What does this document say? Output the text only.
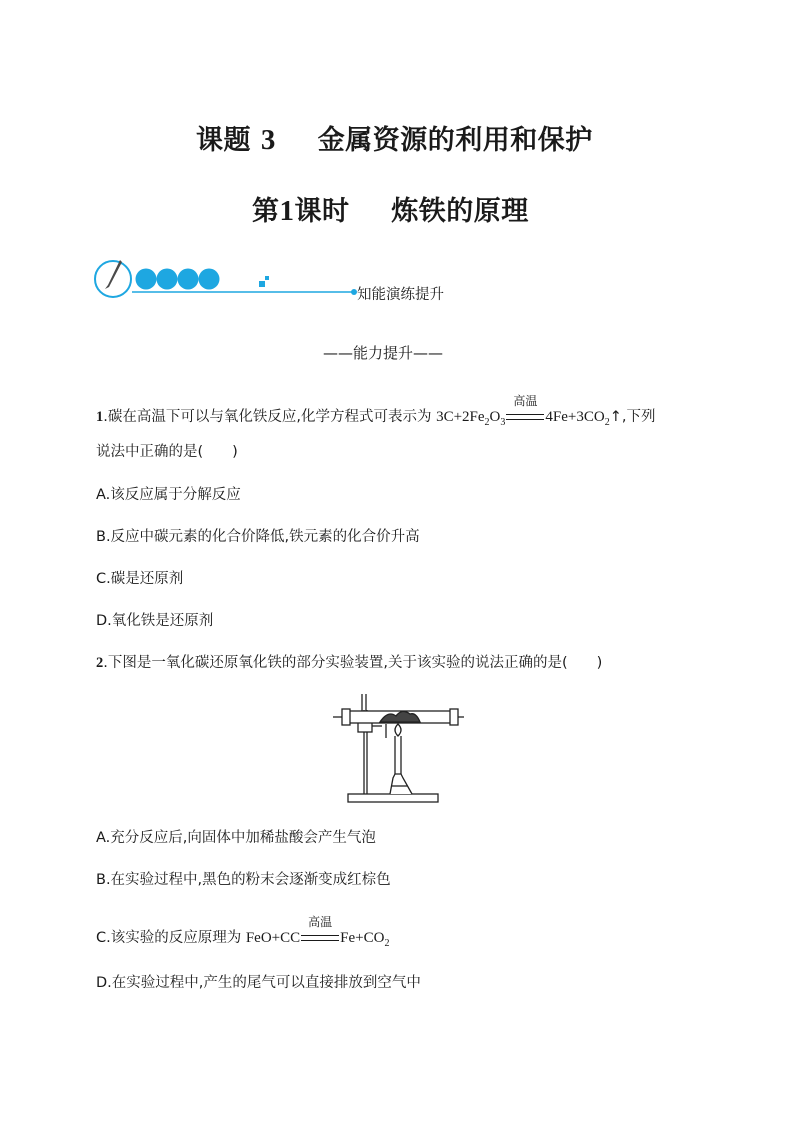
课题 3 金属资源的利用和保护
第1课时 炼铁的原理
知能演练提升
——能力提升——
1.碳在高温下可以与氧化铁反应,化学方程式可表示为 $3C+2Fe_2O_3$
高温
$4Fe+3CO_2↑$,下列
说法中正确的是(　　)
A.该反应属于分解反应
B.反应中碳元素的化合价降低,铁元素的化合价升高
C.碳是还原剂
D.氧化铁是还原剂
2.下图是一氧化碳还原氧化铁的部分实验装置,关于该实验的说法正确的是(　　)
A.充分反应后,向固体中加稀盐酸会产生气泡
B.在实验过程中,黑色的粉末会逐渐变成红棕色
C.该实验的反应原理为 FeO+CC
高温
$Fe+CO_2$
D.在实验过程中,产生的尾气可以直接排放到空气中
